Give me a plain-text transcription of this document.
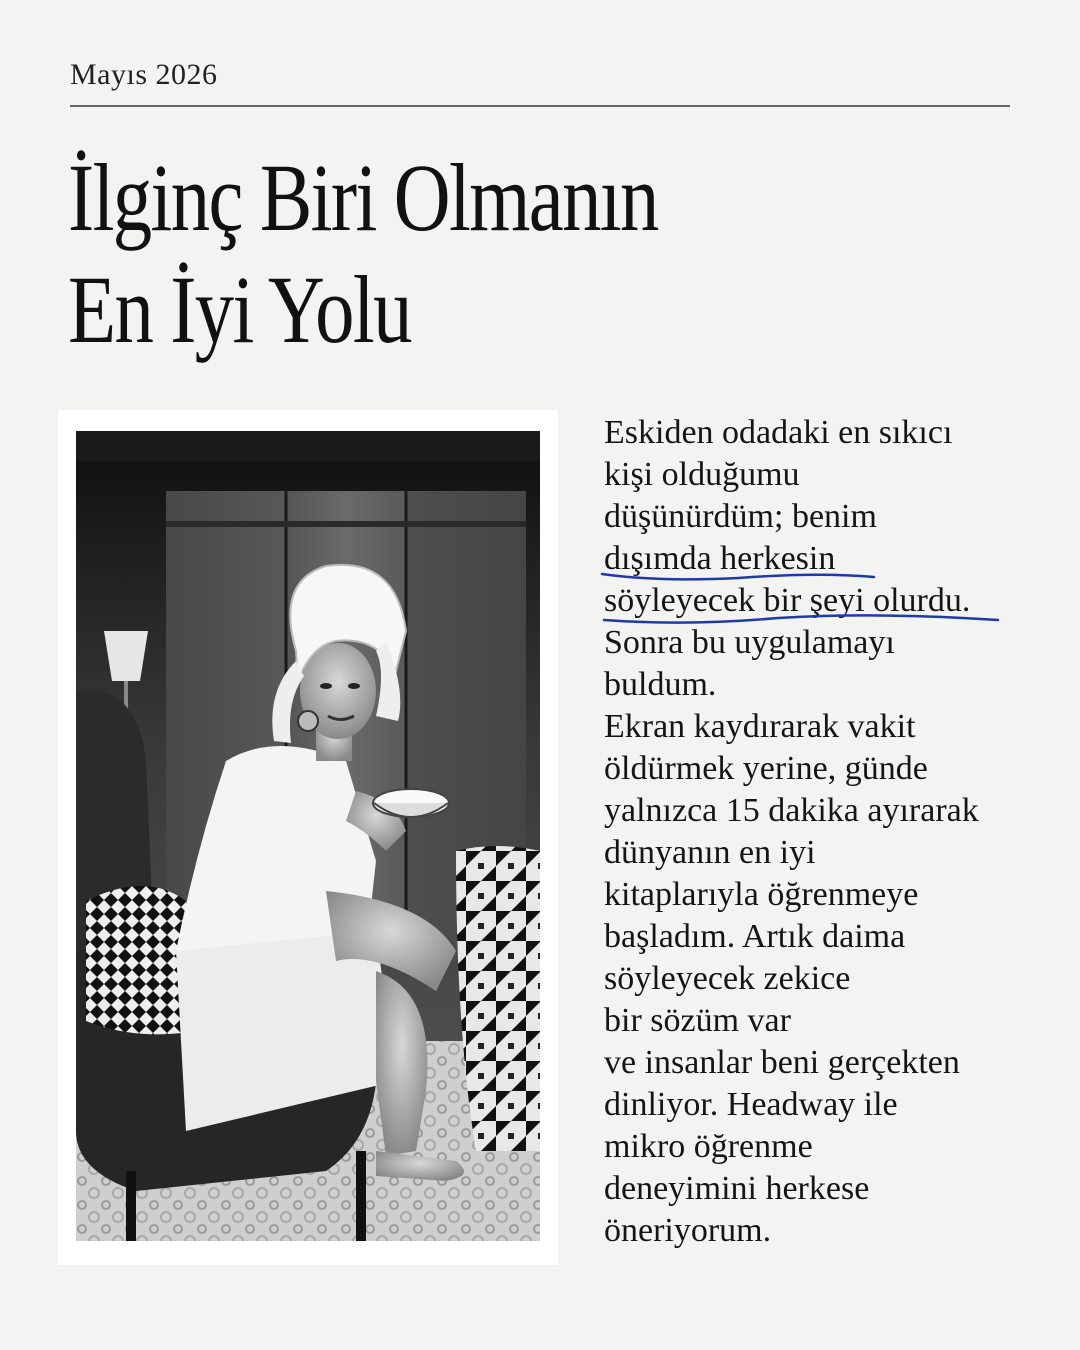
Mayıs 2026
İlginç Biri Olmanın
En İyi Yolu
Eskiden odadaki en sıkıcı
kişi olduğumu
düşünürdüm; benim
dışımda herkesin
söyleyecek bir şeyi olurdu.
Sonra bu uygulamayı
buldum.
Ekran kaydırarak vakit
öldürmek yerine, günde
yalnızca 15 dakika ayırarak
dünyanın en iyi
kitaplarıyla öğrenmeye
başladım. Artık daima
söyleyecek zekice
bir sözüm var
ve insanlar beni gerçekten
dinliyor. Headway ile
mikro öğrenme
deneyimini herkese
öneriyorum.
